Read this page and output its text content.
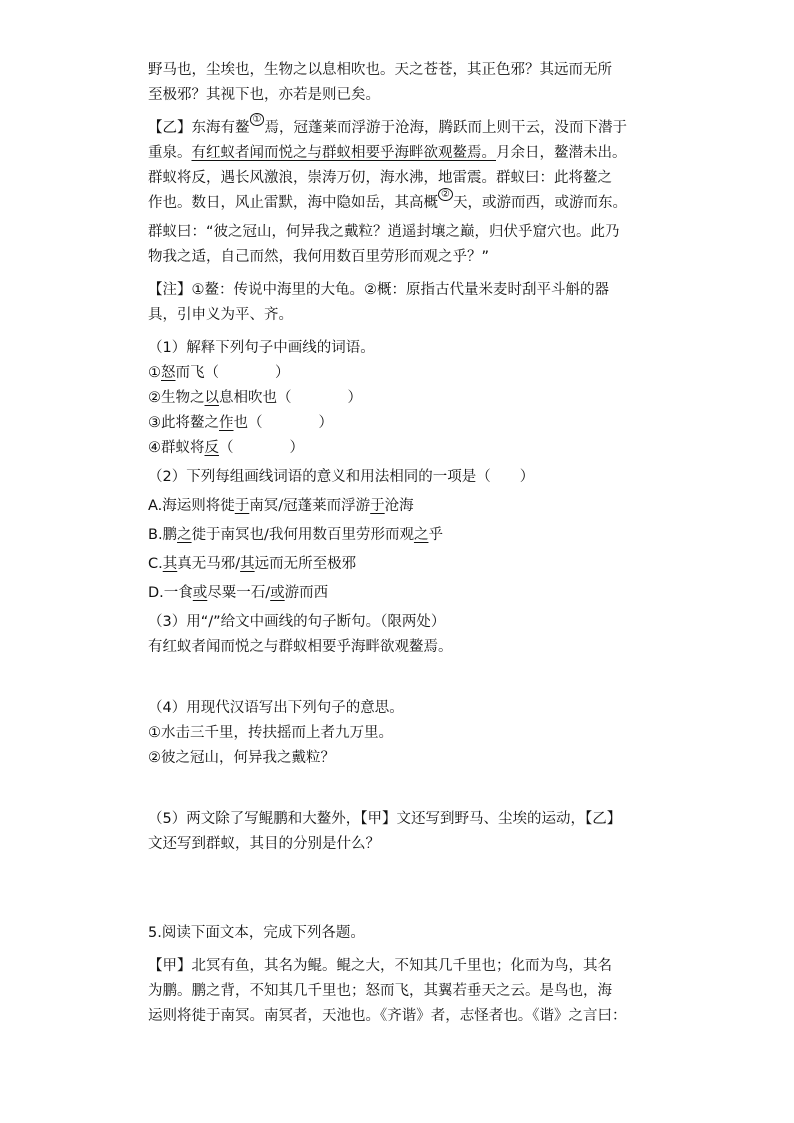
野马也，尘埃也，生物之以息相吹也。天之苍苍，其正色邪？其远而无所

至极邪？其视下也，亦若是则已矣。

【乙】东海有鳌①焉，冠蓬莱而浮游于沧海，腾跃而上则干云，没而下潜于

重泉。有红蚁者闻而悦之与群蚁相要乎海畔欲观鳌焉。月余日，鳌潜未出。

群蚁将反，遇长风激浪，崇涛万仞，海水沸，地雷震。群蚁曰：此将鳌之

作也。数日，风止雷默，海中隐如岳，其高概②天，或游而西，或游而东。

群蚁曰：“彼之冠山，何异我之戴粒？逍遥封壤之巅，归伏乎窟穴也。此乃

物我之适，自己而然，我何用数百里劳形而观之乎？”

【注】①鳌：传说中海里的大龟。②概：原指古代量米麦时刮平斗斛的器

具，引申义为平、齐。

（1）解释下列句子中画线的词语。

①怒而飞（	）

②生物之以息相吹也（	）

③此将鳌之作也（	）

④群蚁将反（	）

（2）下列每组画线词语的意义和用法相同的一项是（　　）

A.海运则将徙于南冥/冠蓬莱而浮游于沧海

B.鹏之徙于南冥也/我何用数百里劳形而观之乎

C.其真无马邪/其远而无所至极邪

D.一食或尽粟一石/或游而西

（3）用“/”给文中画线的句子断句。（限两处）

有红蚁者闻而悦之与群蚁相要乎海畔欲观鳌焉。

（4）用现代汉语写出下列句子的意思。

①水击三千里，抟扶摇而上者九万里。

②彼之冠山，何异我之戴粒？

（5）两文除了写鲲鹏和大鳌外，【甲】文还写到野马、尘埃的运动，【乙】

文还写到群蚁，其目的分别是什么？

5.阅读下面文本，完成下列各题。

【甲】北冥有鱼，其名为鲲。鲲之大，不知其几千里也；化而为鸟，其名

为鹏。鹏之背，不知其几千里也；怒而飞，其翼若垂天之云。是鸟也，海

运则将徙于南冥。南冥者，天池也。《齐谐》者，志怪者也。《谐》之言曰：
